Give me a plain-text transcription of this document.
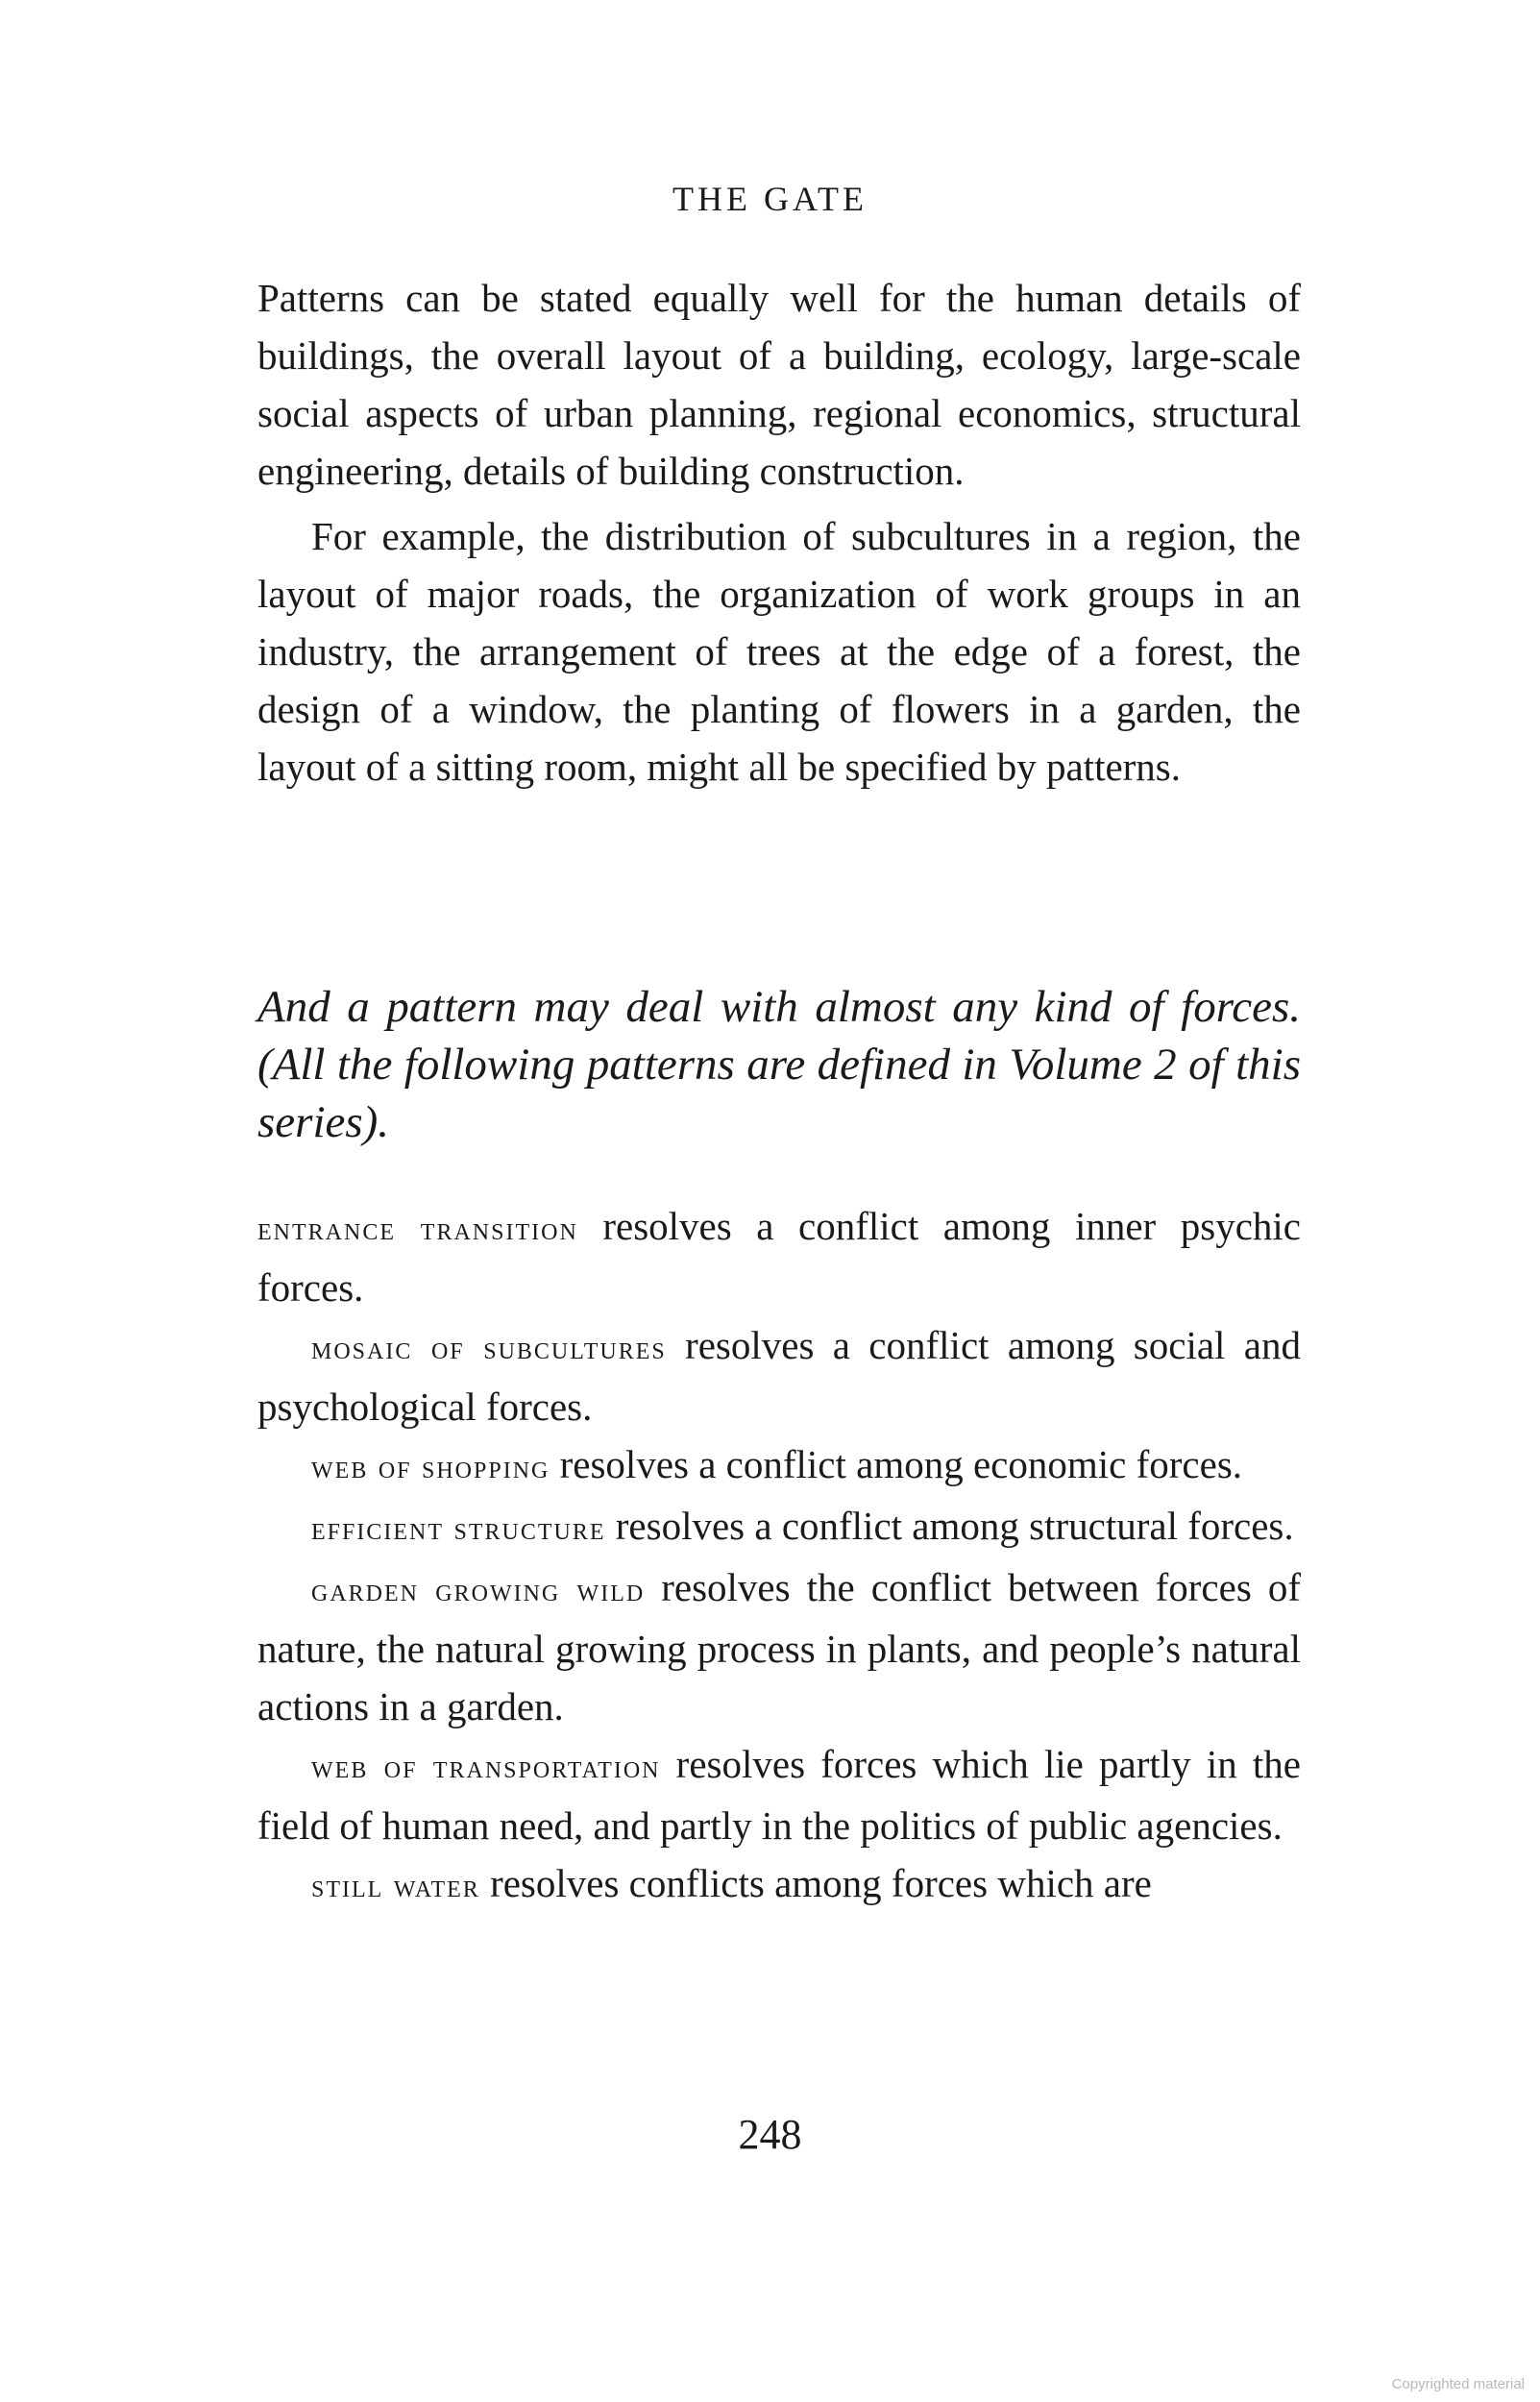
THE GATE

Patterns can be stated equally well for the human details of buildings, the overall layout of a building, ecology, large-scale social aspects of urban planning, regional economics, structural engineering, details of building construction.

For example, the distribution of subcultures in a region, the layout of major roads, the organization of work groups in an industry, the arrangement of trees at the edge of a forest, the design of a window, the planting of flowers in a garden, the layout of a sitting room, might all be specified by patterns.

And a pattern may deal with almost any kind of forces. (All the following patterns are defined in Volume 2 of this series).

entrance transition resolves a conflict among inner psychic forces.

mosaic of subcultures resolves a conflict among social and psychological forces.

web of shopping resolves a conflict among economic forces.

efficient structure resolves a conflict among structural forces.

garden growing wild resolves the conflict between forces of nature, the natural growing process in plants, and people’s natural actions in a garden.

web of transportation resolves forces which lie partly in the field of human need, and partly in the politics of public agencies.

still water resolves conflicts among forces which are

248
Copyrighted material
